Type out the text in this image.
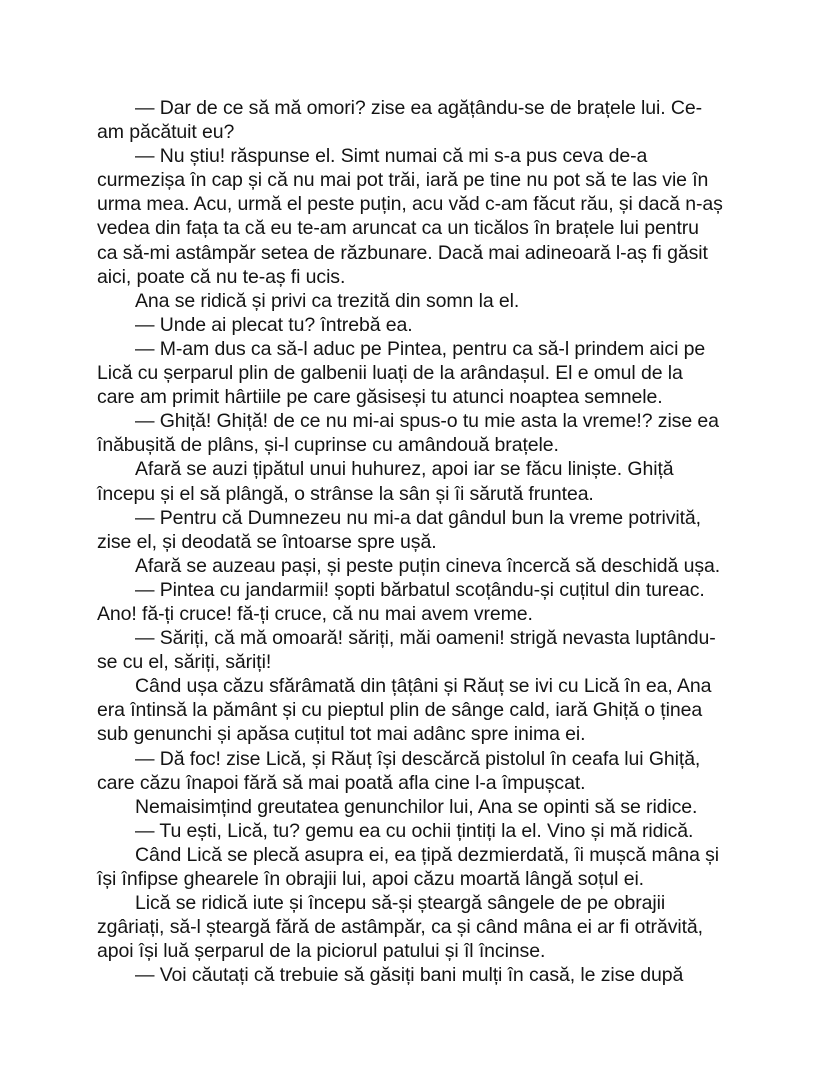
— Dar de ce să mă omori? zise ea agățându-se de brațele lui. Ce-
am păcătuit eu?
— Nu știu! răspunse el. Simt numai că mi s-a pus ceva de-a
curmezișa în cap și că nu mai pot trăi, iară pe tine nu pot să te las vie în
urma mea. Acu, urmă el peste puțin, acu văd c-am făcut rău, și dacă n-aș
vedea din fața ta că eu te-am aruncat ca un ticălos în brațele lui pentru
ca să-mi astâmpăr setea de răzbunare. Dacă mai adineoară l-aș fi găsit
aici, poate că nu te-aș fi ucis.
Ana se ridică și privi ca trezită din somn la el.
— Unde ai plecat tu? întrebă ea.
— M-am dus ca să-l aduc pe Pintea, pentru ca să-l prindem aici pe
Lică cu șerparul plin de galbenii luați de la arândașul. El e omul de la
care am primit hârtiile pe care găsiseși tu atunci noaptea semnele.
— Ghiță! Ghiță! de ce nu mi-ai spus-o tu mie asta la vreme!? zise ea
înăbușită de plâns, și-l cuprinse cu amândouă brațele.
Afară se auzi țipătul unui huhurez, apoi iar se făcu liniște. Ghiță
începu și el să plângă, o strânse la sân și îi sărută fruntea.
— Pentru că Dumnezeu nu mi-a dat gândul bun la vreme potrivită,
zise el, și deodată se întoarse spre ușă.
Afară se auzeau pași, și peste puțin cineva încercă să deschidă ușa.
— Pintea cu jandarmii! șopti bărbatul scoțându-și cuțitul din tureac.
Ano! fă-ți cruce! fă-ți cruce, că nu mai avem vreme.
— Săriți, că mă omoară! săriți, măi oameni! strigă nevasta luptându-
se cu el, săriți, săriți!
Când ușa căzu sfărâmată din țâțâni și Răuț se ivi cu Lică în ea, Ana
era întinsă la pământ și cu pieptul plin de sânge cald, iară Ghiță o ținea
sub genunchi și apăsa cuțitul tot mai adânc spre inima ei.
— Dă foc! zise Lică, și Răuț își descărcă pistolul în ceafa lui Ghiță,
care căzu înapoi fără să mai poată afla cine l-a împușcat.
Nemaisimțind greutatea genunchilor lui, Ana se opinti să se ridice.
— Tu ești, Lică, tu? gemu ea cu ochii țintiți la el. Vino și mă ridică.
Când Lică se plecă asupra ei, ea țipă dezmierdată, îi mușcă mâna și
își înfipse ghearele în obrajii lui, apoi căzu moartă lângă soțul ei.
Lică se ridică iute și începu să-și șteargă sângele de pe obrajii
zgâriați, să-l șteargă fără de astâmpăr, ca și când mâna ei ar fi otrăvită,
apoi își luă șerparul de la piciorul patului și îl încinse.
— Voi căutați că trebuie să găsiți bani mulți în casă, le zise după
